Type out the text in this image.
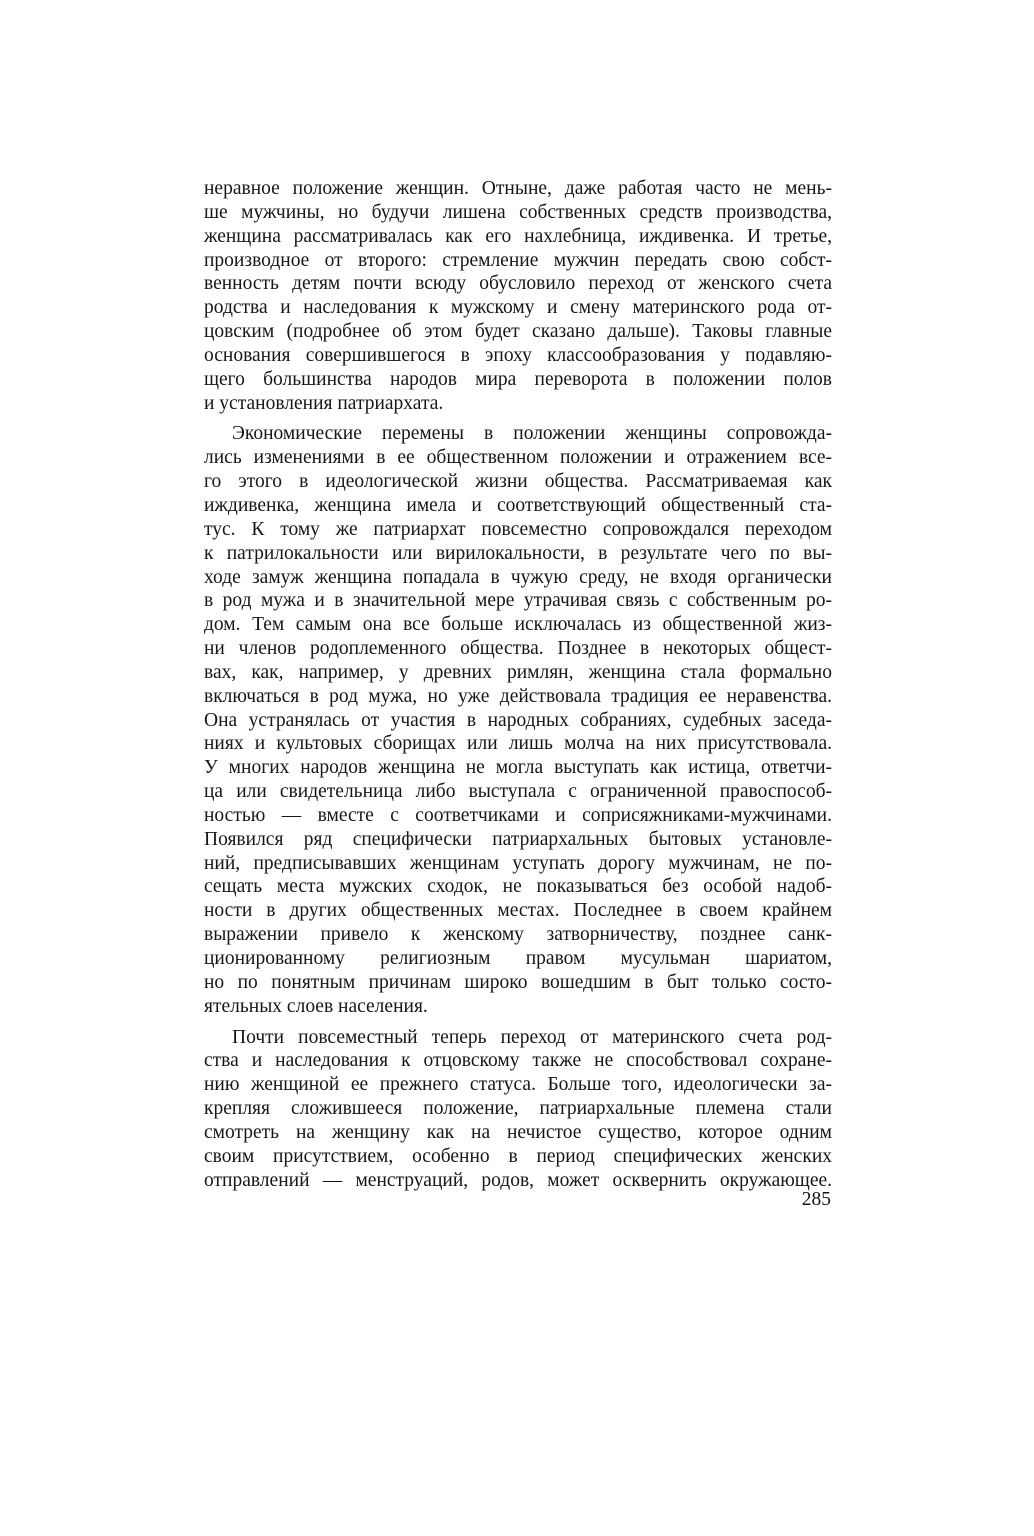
неравное положение женщин. Отныне, даже работая часто не мень-
ше мужчины, но будучи лишена собственных средств производства,
женщина рассматривалась как его нахлебница, иждивенка. И третье,
производное от второго: стремление мужчин передать свою собст-
венность детям почти всюду обусловило переход от женского счета
родства и наследования к мужскому и смену материнского рода от-
цовским (подробнее об этом будет сказано дальше). Таковы главные
основания совершившегося в эпоху классообразования у подавляю-
щего большинства народов мира переворота в положении полов
и установления патриархата.
Экономические перемены в положении женщины сопровожда-
лись изменениями в ее общественном положении и отражением все-
го этого в идеологической жизни общества. Рассматриваемая как
иждивенка, женщина имела и соответствующий общественный ста-
тус. К тому же патриархат повсеместно сопровождался переходом
к патрилокальности или вирилокальности, в результате чего по вы-
ходе замуж женщина попадала в чужую среду, не входя органически
в род мужа и в значительной мере утрачивая связь с собственным ро-
дом. Тем самым она все больше исключалась из общественной жиз-
ни членов родоплеменного общества. Позднее в некоторых общест-
вах, как, например, у древних римлян, женщина стала формально
включаться в род мужа, но уже действовала традиция ее неравенства.
Она устранялась от участия в народных собраниях, судебных заседа-
ниях и культовых сборищах или лишь молча на них присутствовала.
У многих народов женщина не могла выступать как истица, ответчи-
ца или свидетельница либо выступала с ограниченной правоспособ-
ностью — вместе с соответчиками и соприсяжниками-мужчинами.
Появился ряд специфически патриархальных бытовых установле-
ний, предписывавших женщинам уступать дорогу мужчинам, не по-
сещать места мужских сходок, не показываться без особой надоб-
ности в других общественных местах. Последнее в своем крайнем
выражении привело к женскому затворничеству, позднее санк-
ционированному религиозным правом мусульман шариатом,
но по понятным причинам широко вошедшим в быт только состо-
ятельных слоев населения.
Почти повсеместный теперь переход от материнского счета род-
ства и наследования к отцовскому также не способствовал сохране-
нию женщиной ее прежнего статуса. Больше того, идеологически за-
крепляя сложившееся положение, патриархальные племена стали
смотреть на женщину как на нечистое существо, которое одним
своим присутствием, особенно в период специфических женских
отправлений — менструаций, родов, может осквернить окружающее.
285
